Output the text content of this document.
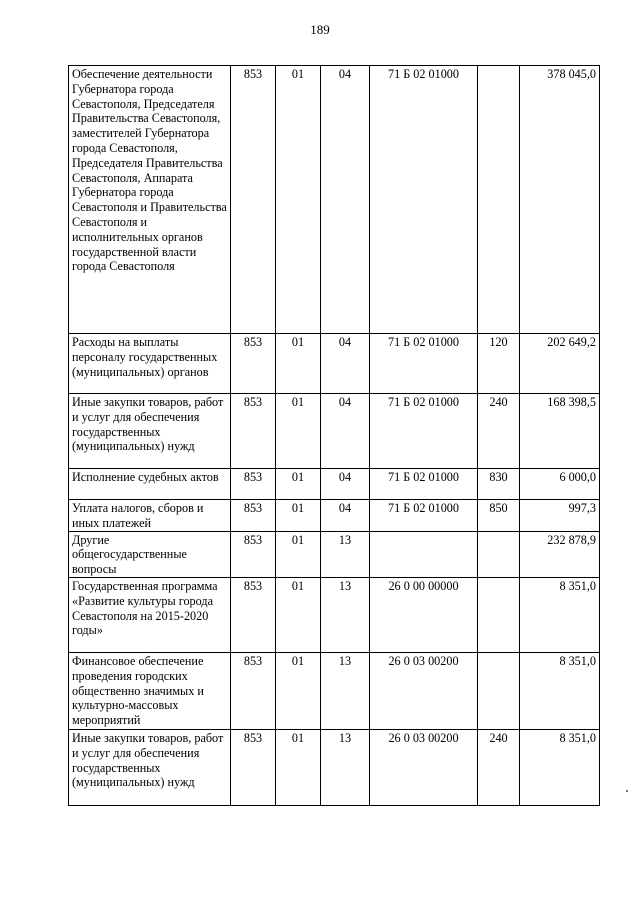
189
Обеспечение деятельности Губернатора города Севастополя, Председателя Правительства Севастополя, заместителей Губернатора города Севастополя, Председателя Правительства Севастополя, Аппарата Губернатора города Севастополя и Правительства Севастополя и исполнительных органов государственной власти города Севастополя	853	01	04	71 Б 02 01000		378 045,0
Расходы на выплаты персоналу государственных (муниципальных) органов	853	01	04	71 Б 02 01000	120	202 649,2
Иные закупки товаров, работ и услуг для обеспечения государственных (муниципальных) нужд	853	01	04	71 Б 02 01000	240	168 398,5
Исполнение судебных актов	853	01	04	71 Б 02 01000	830	6 000,0
Уплата налогов, сборов и иных платежей	853	01	04	71 Б 02 01000	850	997,3
Другие общегосударственные вопросы	853	01	13			232 878,9
Государственная программа «Развитие культуры города Севастополя на 2015-2020 годы»	853	01	13	26 0 00 00000		8 351,0
Финансовое обеспечение проведения городских общественно значимых и культурно-массовых мероприятий	853	01	13	26 0 03 00200		8 351,0
Иные закупки товаров, работ и услуг для обеспечения государственных (муниципальных) нужд	853	01	13	26 0 03 00200	240	8 351,0
